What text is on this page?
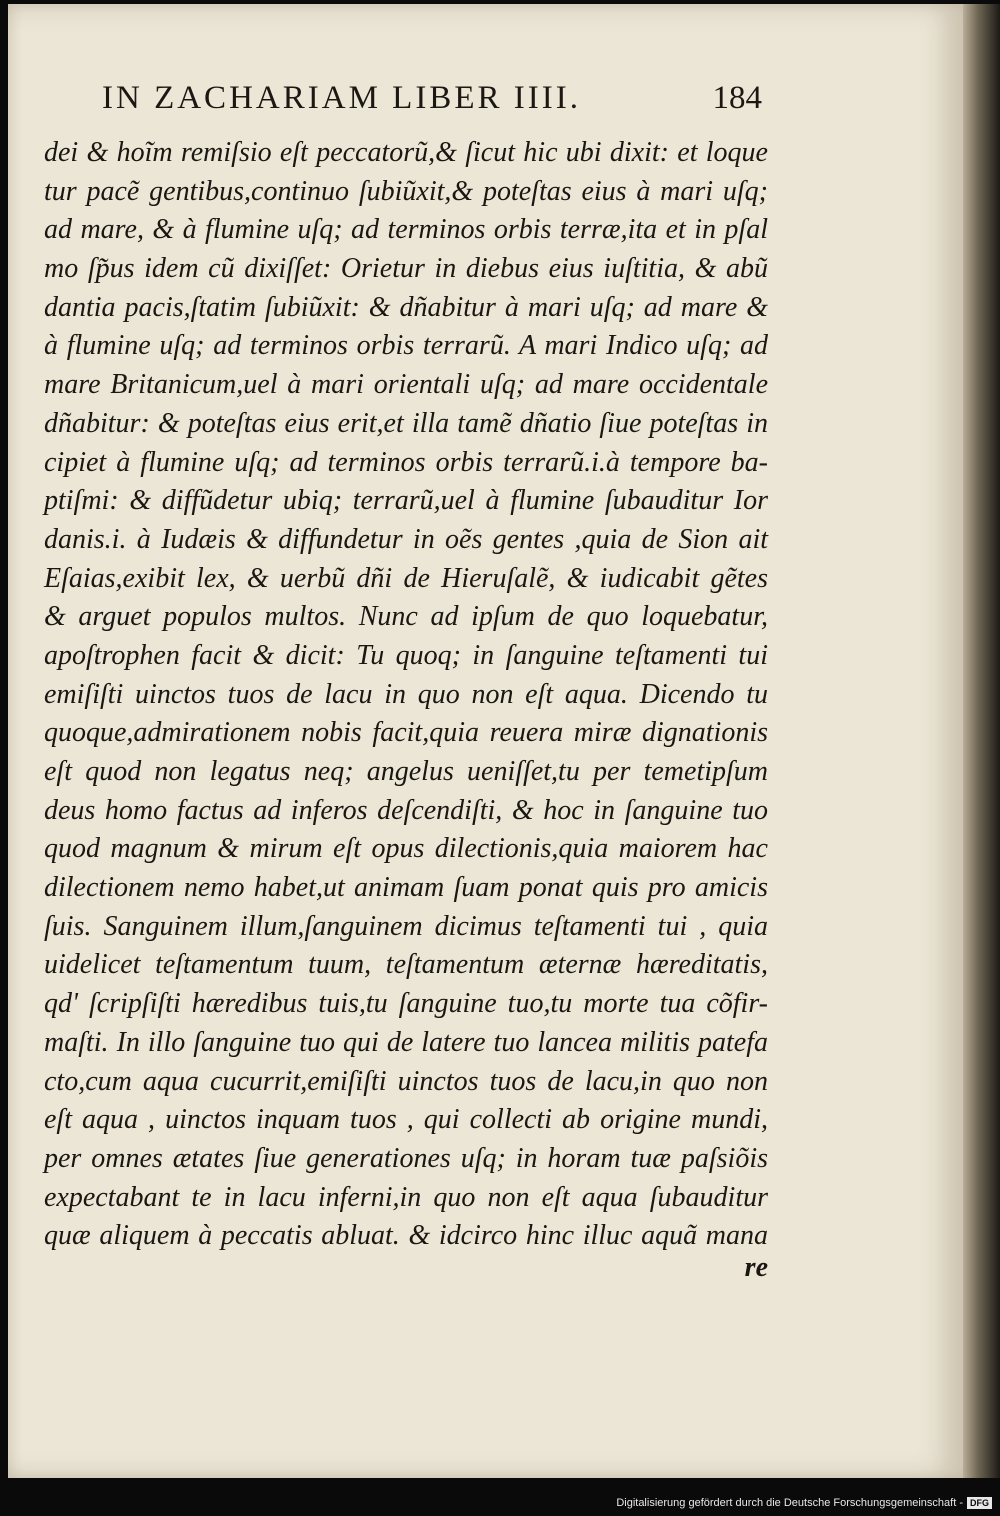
IN ZACHARIAM LIBER IIII.	184
dei & hoĩm remiſsio eſt peccatorũ,& ſicut hic ubi dixit: et loque
tur pacẽ gentibus,continuo ſubiũxit,& poteſtas eius à mari uſq;
ad mare, & à flumine uſq; ad terminos orbis terræ,ita et in pſal
mo ſp̃us idem cũ dixiſſet: Orietur in diebus eius iuſtitia, & abũ
dantia pacis,ſtatim ſubiũxit: & dñabitur à mari uſq; ad mare &
à flumine uſq; ad terminos orbis terrarũ. A mari Indico uſq; ad
mare Britanicum,uel à mari orientali uſq; ad mare occidentale
dñabitur: & poteſtas eius erit,et illa tamẽ dñatio ſiue poteſtas in
cipiet à flumine uſq; ad terminos orbis terrarũ.i.à tempore ba-
ptiſmi: & diffũdetur ubiq; terrarũ,uel à flumine ſubauditur Ior
danis.i. à Iudæis & diffundetur in oẽs gentes ,quia de Sion ait
Eſaias,exibit lex, & uerbũ dñi de Hieruſalẽ, & iudicabit gẽtes
& arguet populos multos. Nunc ad ipſum de quo loquebatur,
apoſtrophen facit & dicit: Tu quoq; in ſanguine teſtamenti tui
emiſiſti uinctos tuos de lacu in quo non eſt aqua. Dicendo tu
quoque,admirationem nobis facit,quia reuera miræ dignationis
eſt quod non legatus neq; angelus ueniſſet,tu per temetipſum
deus homo factus ad inferos deſcendiſti, & hoc in ſanguine tuo
quod magnum & mirum eſt opus dilectionis,quia maiorem hac
dilectionem nemo habet,ut animam ſuam ponat quis pro amicis
ſuis. Sanguinem illum,ſanguinem dicimus teſtamenti tui , quia
uidelicet teſtamentum tuum, teſtamentum æternæ hæreditatis,
qd' ſcripſiſti hæredibus tuis,tu ſanguine tuo,tu morte tua cõfir-
maſti. In illo ſanguine tuo qui de latere tuo lancea militis patefa
cto,cum aqua cucurrit,emiſiſti uinctos tuos de lacu,in quo non
eſt aqua , uinctos inquam tuos , qui collecti ab origine mundi,
per omnes ætates ſiue generationes uſq; in horam tuæ paſsiõis
expectabant te in lacu inferni,in quo non eſt aqua ſubauditur
quæ aliquem à peccatis abluat. & idcirco hinc illuc aquã mana
re
Digitalisierung gefördert durch die Deutsche Forschungsgemeinschaft - DFG
